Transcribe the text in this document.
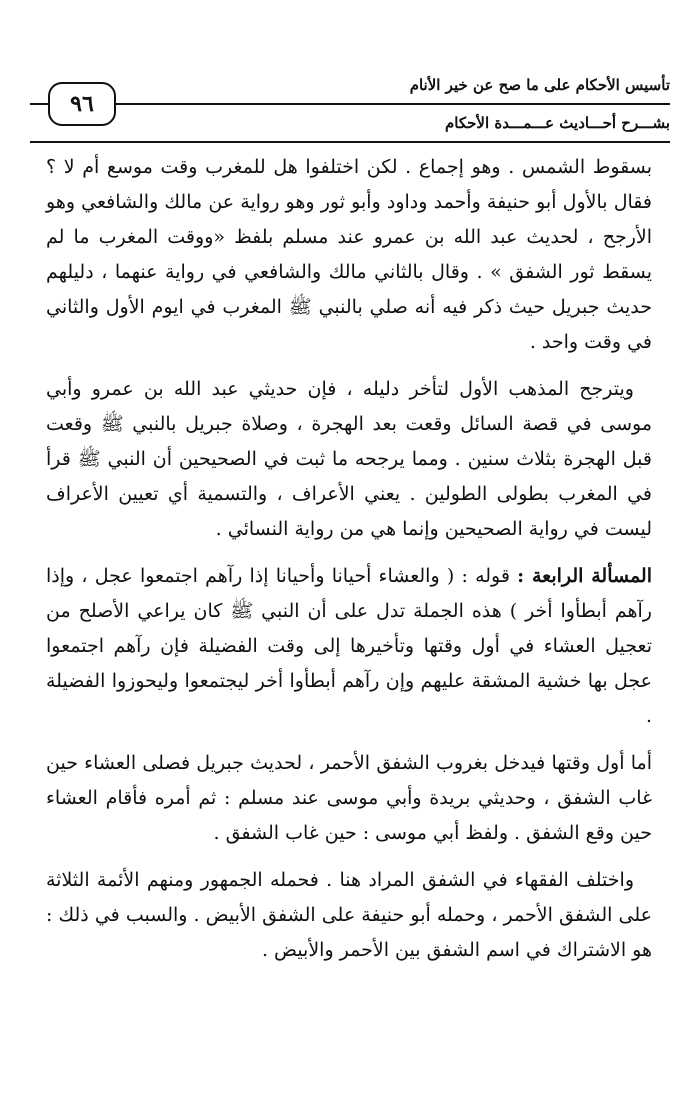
تأسيس الأحكام على ما صح عن خير الأنام
٩٦
بشـــرح أحـــاديث عـــمـــدة الأحكام

بسقوط الشمس . وهو إجماع . لكن اختلفوا هل للمغرب وقت موسع أم لا ؟ فقال بالأول أبو حنيفة وأحمد وداود وأبو ثور وهو رواية عن مالك والشافعي وهو الأرجح ، لحديث عبد الله بن عمرو عند مسلم بلفظ «ووقت المغرب ما لم يسقط ثور الشفق » . وقال بالثاني مالك والشافعي في رواية عنهما ، دليلهم حديث جبريل حيث ذكر فيه أنه صلي بالنبي ﷺ المغرب في ايوم الأول والثاني في وقت واحد .

ويترجح المذهب الأول لتأخر دليله ، فإن حديثي عبد الله بن عمرو وأبي موسى في قصة السائل وقعت بعد الهجرة ، وصلاة جبريل بالنبي ﷺ وقعت قبل الهجرة بثلاث سنين . ومما يرجحه ما ثبت في الصحيحين أن النبي ﷺ قرأ في المغرب بطولى الطولين . يعني الأعراف ، والتسمية أي تعيين الأعراف ليست في رواية الصحيحين وإنما هي من رواية النسائي .

المسألة الرابعة : قوله : ( والعشاء أحيانا وأحيانا إذا رآهم اجتمعوا عجل ، وإذا رآهم أبطأوا أخر ) هذه الجملة تدل على أن النبي ﷺ كان يراعي الأصلح من تعجيل العشاء في أول وقتها وتأخيرها إلى وقت الفضيلة فإن رآهم اجتمعوا عجل بها خشية المشقة عليهم وإن رآهم أبطأوا أخر ليجتمعوا وليحوزوا الفضيلة .

أما أول وقتها فيدخل بغروب الشفق الأحمر ، لحديث جبريل فصلى العشاء حين غاب الشفق ، وحديثي بريدة وأبي موسى عند مسلم : ثم أمره فأقام العشاء حين وقع الشفق . ولفظ أبي موسى : حين غاب الشفق .

واختلف الفقهاء في الشفق المراد هنا . فحمله الجمهور ومنهم الأئمة الثلاثة على الشفق الأحمر ، وحمله أبو حنيفة على الشفق الأبيض . والسبب في ذلك : هو الاشتراك في اسم الشفق بين الأحمر والأبيض .
